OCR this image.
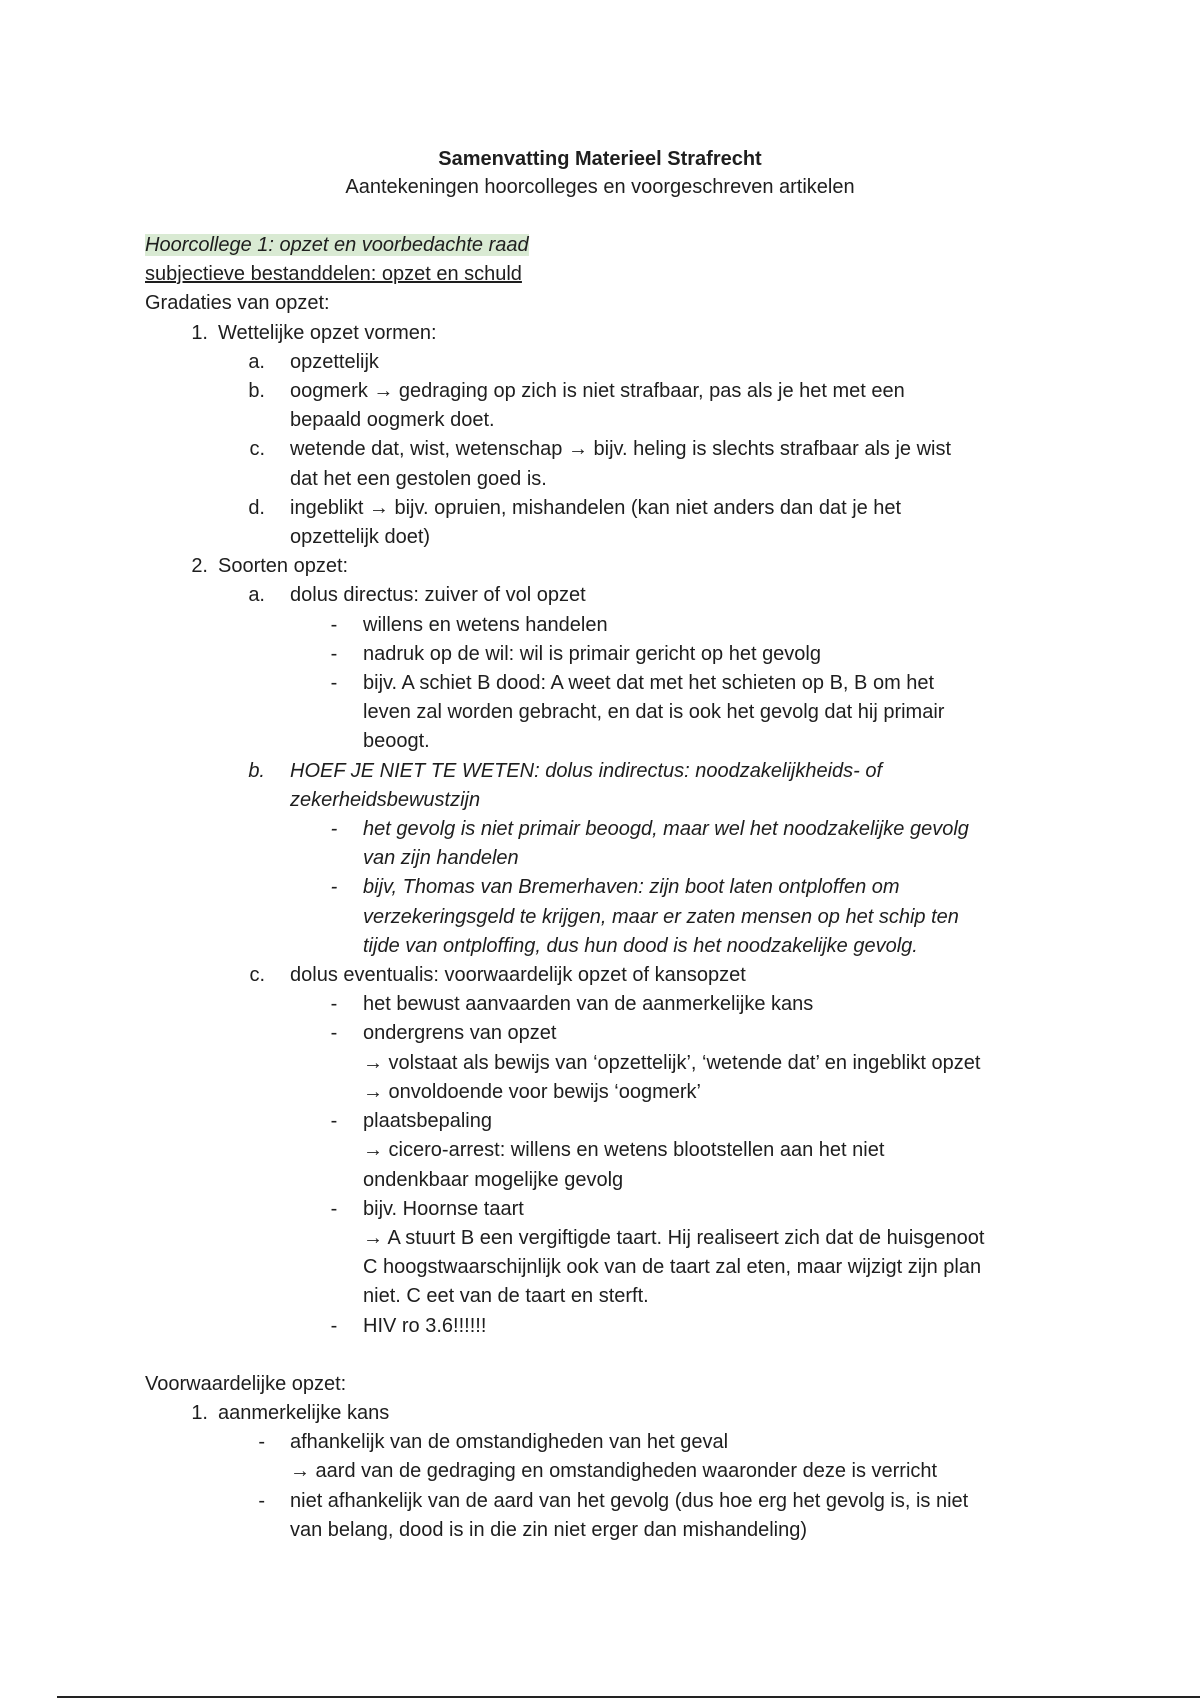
Samenvatting Materieel Strafrecht
Aantekeningen hoorcolleges en voorgeschreven artikelen
Hoorcollege 1: opzet en voorbedachte raad
subjectieve bestanddelen: opzet en schuld
Gradaties van opzet:
1. Wettelijke opzet vormen:
a. opzettelijk
b. oogmerk → gedraging op zich is niet strafbaar, pas als je het met een
bepaald oogmerk doet.
c. wetende dat, wist, wetenschap → bijv. heling is slechts strafbaar als je wist
dat het een gestolen goed is.
d. ingeblikt → bijv. opruien, mishandelen (kan niet anders dan dat je het
opzettelijk doet)
2. Soorten opzet:
a. dolus directus: zuiver of vol opzet
- willens en wetens handelen
- nadruk op de wil: wil is primair gericht op het gevolg
- bijv. A schiet B dood: A weet dat met het schieten op B, B om het
leven zal worden gebracht, en dat is ook het gevolg dat hij primair
beoogt.
b. HOEF JE NIET TE WETEN: dolus indirectus: noodzakelijkheids- of
zekerheidsbewustzijn
- het gevolg is niet primair beoogd, maar wel het noodzakelijke gevolg
van zijn handelen
- bijv, Thomas van Bremerhaven: zijn boot laten ontploffen om
verzekeringsgeld te krijgen, maar er zaten mensen op het schip ten
tijde van ontploffing, dus hun dood is het noodzakelijke gevolg.
c. dolus eventualis: voorwaardelijk opzet of kansopzet
- het bewust aanvaarden van de aanmerkelijke kans
- ondergrens van opzet
→ volstaat als bewijs van ‘opzettelijk’, ‘wetende dat’ en ingeblikt opzet
→ onvoldoende voor bewijs ‘oogmerk’
- plaatsbepaling
→ cicero-arrest: willens en wetens blootstellen aan het niet
ondenkbaar mogelijke gevolg
- bijv. Hoornse taart
→ A stuurt B een vergiftigde taart. Hij realiseert zich dat de huisgenoot
C hoogstwaarschijnlijk ook van de taart zal eten, maar wijzigt zijn plan
niet. C eet van de taart en sterft.
- HIV ro 3.6!!!!!!
Voorwaardelijke opzet:
1. aanmerkelijke kans
- afhankelijk van de omstandigheden van het geval
→ aard van de gedraging en omstandigheden waaronder deze is verricht
- niet afhankelijk van de aard van het gevolg (dus hoe erg het gevolg is, is niet
van belang, dood is in die zin niet erger dan mishandeling)
